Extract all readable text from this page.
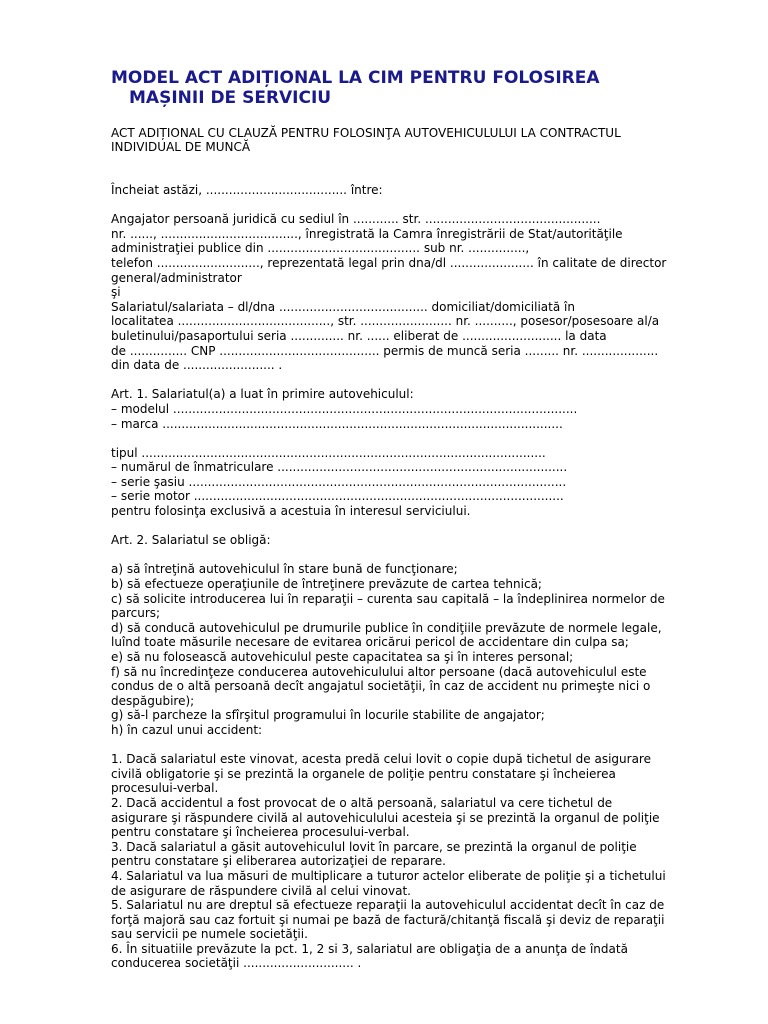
MODEL ACT ADIȚIONAL LA CIM PENTRU FOLOSIREA

MAȘINII DE SERVICIU
ACT ADIȚIONAL CU CLAUZĂ PENTRU FOLOSINŢA AUTOVEHICULULUI LA CONTRACTUL
INDIVIDUAL DE MUNCĂ
Încheiat astăzi, ..................................... între:
Angajator persoană juridică cu sediul în ............ str. ..............................................
nr. ......, ...................................., înregistrată la Camra înregistrării de Stat/autorităţile
administraţiei publice din ........................................ sub nr. ...............,
telefon ..........................., reprezentată legal prin dna/dl ...................... în calitate de director
general/administrator
şi
Salariatul/salariata – dl/dna ....................................... domiciliat/domiciliată în
localitatea ........................................, str. ........................ nr. .........., posesor/posesoare al/a
buletinului/pasaportului seria .............. nr. ...... eliberat de .......................... la data
de ............... CNP .......................................... permis de muncă seria ......... nr. ....................
din data de ........................ .
Art. 1. Salariatul(a) a luat în primire autovehiculul:
– modelul ..........................................................................................................
– marca .........................................................................................................
tipul ..........................................................................................................
– numărul de înmatriculare ............................................................................
– serie şasiu ...................................................................................................
– serie motor .................................................................................................
pentru folosinţa exclusivă a acestuia în interesul serviciului.
Art. 2. Salariatul se obligă:
a) să întreţină autovehiculul în stare bună de funcţionare;
b) să efectueze operaţiunile de întreţinere prevăzute de cartea tehnică;
c) să solicite introducerea lui în reparaţii – curenta sau capitală – la îndeplinirea normelor de
parcurs;
d) să conducă autovehiculul pe drumurile publice în condiţiile prevăzute de normele legale,
luînd toate măsurile necesare de evitarea oricărui pericol de accidentare din culpa sa;
e) să nu folosească autovehiculul peste capacitatea sa şi în interes personal;
f) să nu încredinţeze conducerea autovehiculului altor persoane (dacă autovehiculul este
condus de o altă persoană decît angajatul societăţii, în caz de accident nu primeşte nici o
despăgubire);
g) să-l parcheze la sfîrşitul programului în locurile stabilite de angajator;
h) în cazul unui accident:
1. Dacă salariatul este vinovat, acesta predă celui lovit o copie după tichetul de asigurare
civilă obligatorie şi se prezintă la organele de poliţie pentru constatare şi încheierea
procesului-verbal.
2. Dacă accidentul a fost provocat de o altă persoană, salariatul va cere tichetul de
asigurare şi răspundere civilă al autovehiculului acesteia şi se prezintă la organul de poliţie
pentru constatare şi încheierea procesului-verbal.
3. Dacă salariatul a găsit autovehiculul lovit în parcare, se prezintă la organul de poliţie
pentru constatare şi eliberarea autorizaţiei de reparare.
4. Salariatul va lua măsuri de multiplicare a tuturor actelor eliberate de poliţie şi a tichetului
de asigurare de răspundere civilă al celui vinovat.
5. Salariatul nu are dreptul să efectueze reparaţii la autovehiculul accidentat decît în caz de
forţă majoră sau caz fortuit şi numai pe bază de factură/chitanţă fiscală şi deviz de reparaţii
sau servicii pe numele societăţii.
6. În situatiile prevăzute la pct. 1, 2 si 3, salariatul are obligaţia de a anunţa de îndată
conducerea societăţii ............................. .
